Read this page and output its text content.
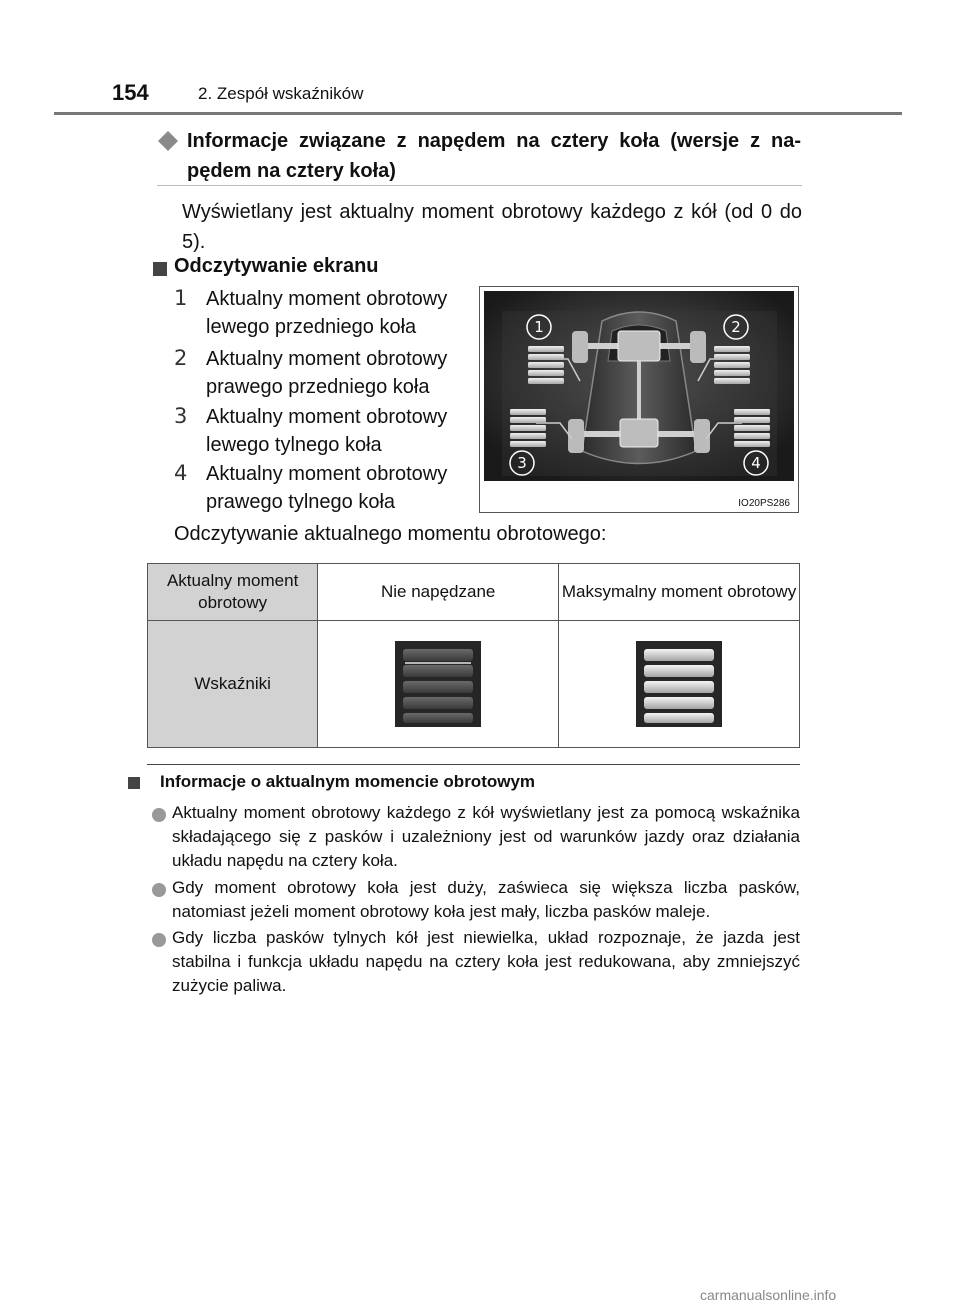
154	2. Zespół wskaźników
Informacje związane z napędem na cztery koła (wersje z na- pędem na cztery koła)
Wyświetlany jest aktualny moment obrotowy każdego z kół (od 0 do 5).
Odczytywanie ekranu
1 Aktualny moment obrotowy lewego przedniego koła
2 Aktualny moment obrotowy prawego przedniego koła
3 Aktualny moment obrotowy lewego tylnego koła
4 Aktualny moment obrotowy prawego tylnego koła
1	2
3	4
IO20PS286
Odczytywanie aktualnego momentu obrotowego:
Aktualny moment obrotowy	Nie napędzane	Maksymalny moment obrotowy
Wskaźniki	

Informacje o aktualnym momencie obrotowym
Aktualny moment obrotowy każdego z kół wyświetlany jest za pomocą wskaźnika składającego się z pasków i uzależniony jest od warunków jazdy oraz działania układu napędu na cztery koła.
Gdy moment obrotowy koła jest duży, zaświeca się większa liczba pasków, natomiast jeżeli moment obrotowy koła jest mały, liczba pasków maleje.
Gdy liczba pasków tylnych kół jest niewielka, układ rozpoznaje, że jazda jest stabilna i funkcja układu napędu na cztery koła jest redukowana, aby zmniejszyć zużycie paliwa.
carmanualsonline.info
